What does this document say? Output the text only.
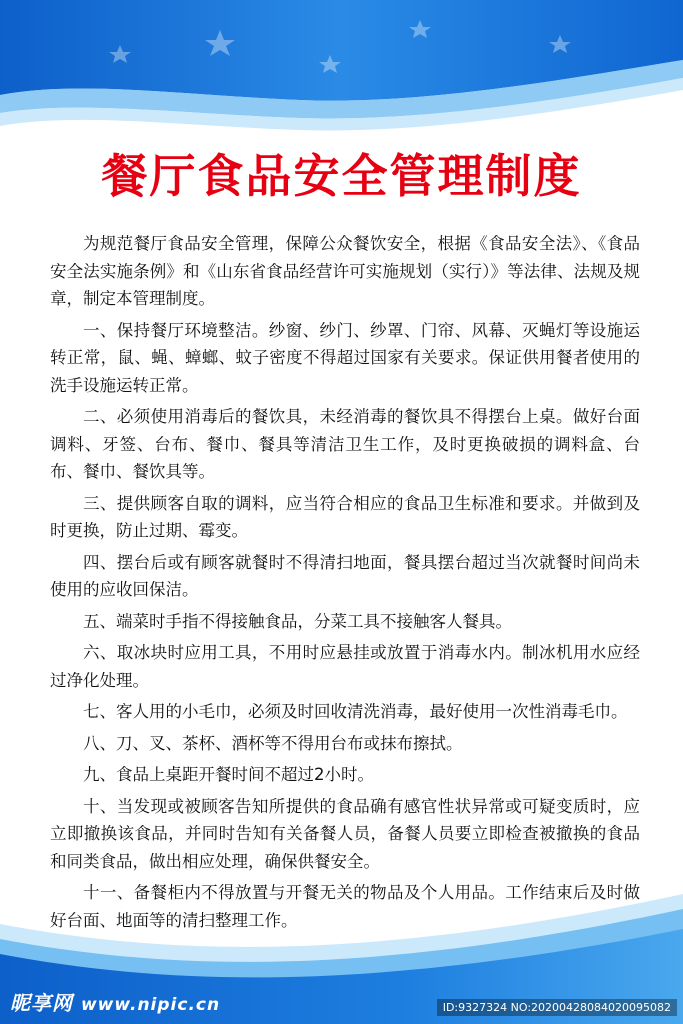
餐厅食品安全管理制度

为规范餐厅食品安全管理，保障公众餐饮安全，根据《食品安全法》、《食品安全法实施条例》和《山东省食品经营许可实施规划（实行）》等法律、法规及规章，制定本管理制度。

一、保持餐厅环境整洁。纱窗、纱门、纱罩、门帘、风幕、灭蝇灯等设施运转正常，鼠、蝇、蟑螂、蚊子密度不得超过国家有关要求。保证供用餐者使用的洗手设施运转正常。

二、必须使用消毒后的餐饮具，未经消毒的餐饮具不得摆台上桌。做好台面调料、牙签、台布、餐巾、餐具等清洁卫生工作，及时更换破损的调料盒、台布、餐巾、餐饮具等。

三、提供顾客自取的调料，应当符合相应的食品卫生标准和要求。并做到及时更换，防止过期、霉变。

四、摆台后或有顾客就餐时不得清扫地面，餐具摆台超过当次就餐时间尚未使用的应收回保洁。

五、端菜时手指不得接触食品，分菜工具不接触客人餐具。

六、取冰块时应用工具，不用时应悬挂或放置于消毒水内。制冰机用水应经过净化处理。

七、客人用的小毛巾，必须及时回收清洗消毒，最好使用一次性消毒毛巾。

八、刀、叉、茶杯、酒杯等不得用台布或抹布擦拭。

九、食品上桌距开餐时间不超过2小时。

十、当发现或被顾客告知所提供的食品确有感官性状异常或可疑变质时，应立即撤换该食品，并同时告知有关备餐人员，备餐人员要立即检查被撤换的食品和同类食品，做出相应处理，确保供餐安全。

十一、备餐柜内不得放置与开餐无关的物品及个人用品。工作结束后及时做好台面、地面等的清扫整理工作。

昵享网 www.nipic.cn	ID:9327324 NO:20200428084020095082
